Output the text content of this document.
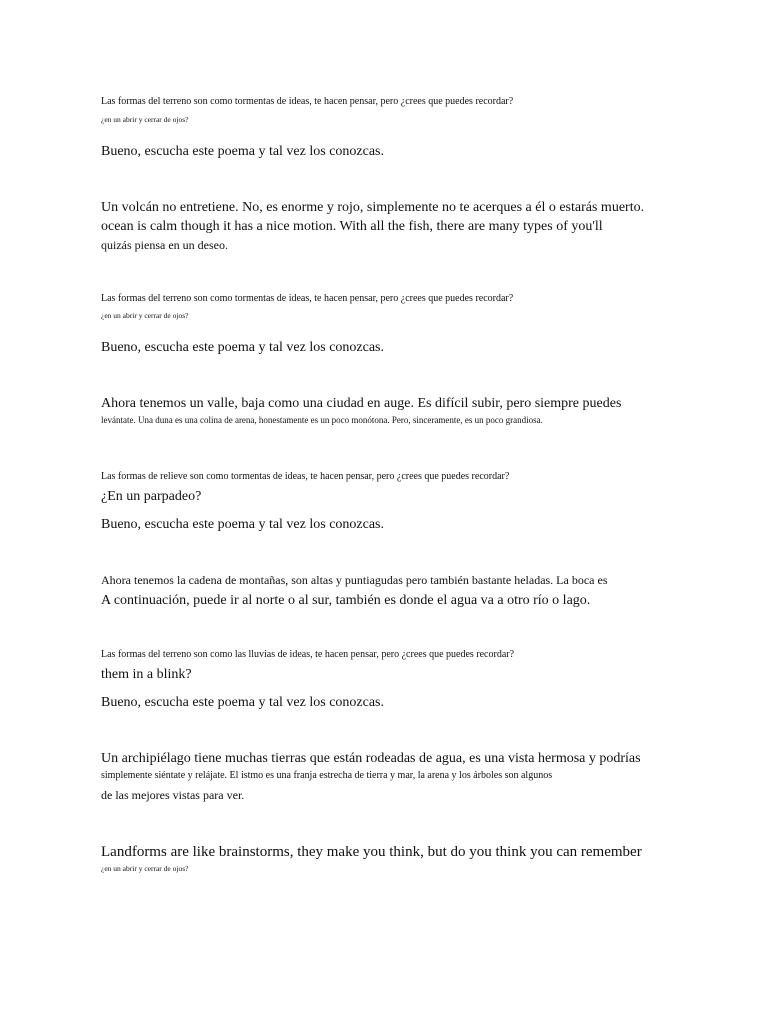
Las formas del terreno son como tormentas de ideas, te hacen pensar, pero ¿crees que puedes recordar?
¿en un abrir y cerrar de ojos?
Bueno, escucha este poema y tal vez los conozcas.
Un volcán no entretiene. No, es enorme y rojo, simplemente no te acerques a él o estarás muerto.
ocean is calm though it has a nice motion. With all the fish, there are many types of you'll
quizás piensa en un deseo.
Las formas del terreno son como tormentas de ideas, te hacen pensar, pero ¿crees que puedes recordar?
¿en un abrir y cerrar de ojos?
Bueno, escucha este poema y tal vez los conozcas.
Ahora tenemos un valle, baja como una ciudad en auge. Es difícil subir, pero siempre puedes
levántate. Una duna es una colina de arena, honestamente es un poco monótona. Pero, sinceramente, es un poco grandiosa.
Las formas de relieve son como tormentas de ideas, te hacen pensar, pero ¿crees que puedes recordar?
¿En un parpadeo?
Bueno, escucha este poema y tal vez los conozcas.
Ahora tenemos la cadena de montañas, son altas y puntiagudas pero también bastante heladas. La boca es
A continuación, puede ir al norte o al sur, también es donde el agua va a otro río o lago.
Las formas del terreno son como las lluvias de ideas, te hacen pensar, pero ¿crees que puedes recordar?
them in a blink?
Bueno, escucha este poema y tal vez los conozcas.
Un archipiélago tiene muchas tierras que están rodeadas de agua, es una vista hermosa y podrías
simplemente siéntate y relájate. El istmo es una franja estrecha de tierra y mar, la arena y los árboles son algunos
de las mejores vistas para ver.
Landforms are like brainstorms, they make you think, but do you think you can remember
¿en un abrir y cerrar de ojos?
